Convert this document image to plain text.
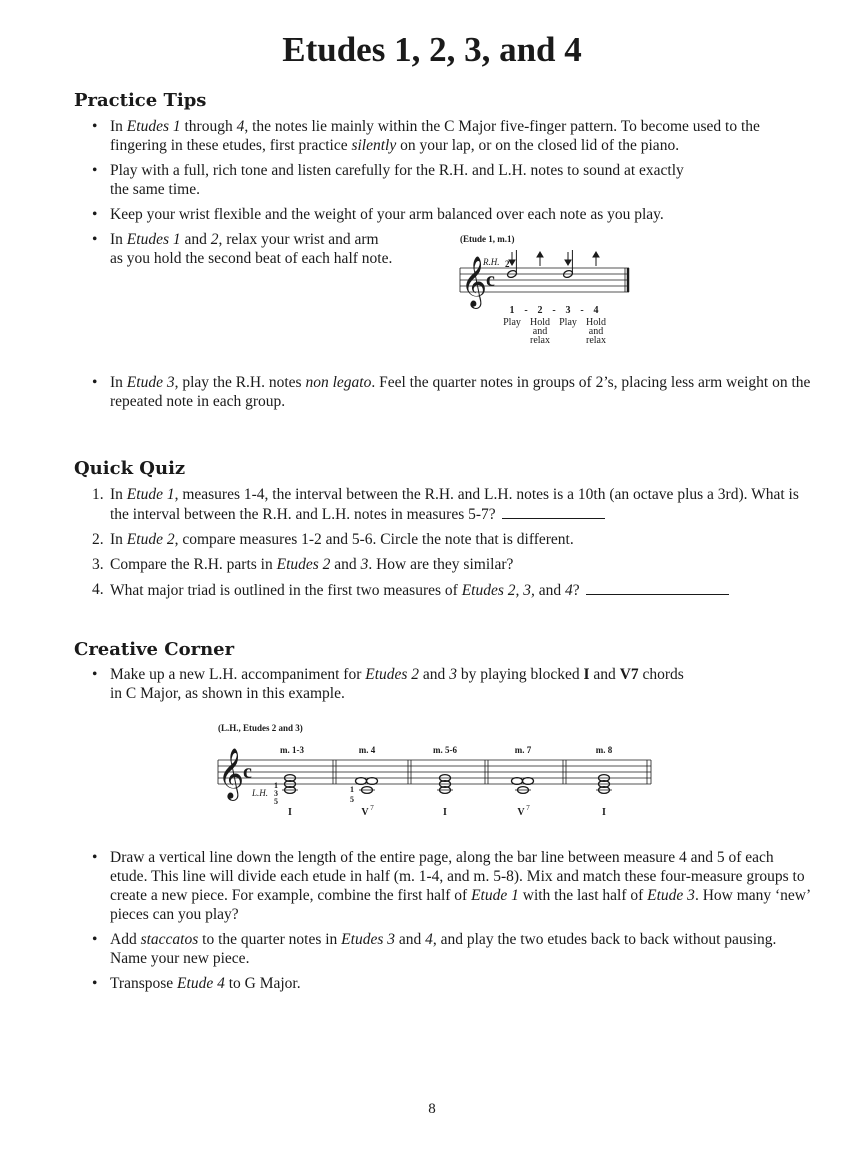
Etudes 1, 2, 3, and 4
Practice Tips
• In Etudes 1 through 4, the notes lie mainly within the C Major five-finger pattern. To become used to the fingering in these etudes, first practice silently on your lap, or on the closed lid of the piano.
• Play with a full, rich tone and listen carefully for the R.H. and L.H. notes to sound at exactly
the same time.
• Keep your wrist flexible and the weight of your arm balanced over each note as you play.
• In Etudes 1 and 2, relax your wrist and arm
as you hold the second beat of each half note.
• In Etude 3, play the R.H. notes non legato. Feel the quarter notes in groups of 2’s, placing less arm weight on the repeated note in each group.
(Etude 1, m.1)
𝄞
c
R.H. 2
1 - 2 - 3 - 4
Play Hold
and
relax
Play Hold
and
relax
Quick Quiz
1. In Etude 1, measures 1-4, the interval between the R.H. and L.H. notes is a 10th (an octave plus a 3rd). What is the interval between the R.H. and L.H. notes in measures 5-7?
2. In Etude 2, compare measures 1-2 and 5-6. Circle the note that is different.
3. Compare the R.H. parts in Etudes 2 and 3. How are they similar?
4. What major triad is outlined in the first two measures of Etudes 2, 3, and 4?
Creative Corner
• Make up a new L.H. accompaniment for Etudes 2 and 3 by playing blocked I and V7 chords
in C Major, as shown in this example.
(L.H., Etudes 2 and 3)
𝄞
c
L.H.
m. 1-3	m. 4	m. 5-6	m. 7	m. 8
1
3
5
1
5
I	V 7	I	V 7	I
• Draw a vertical line down the length of the entire page, along the bar line between measure 4 and 5 of each etude. This line will divide each etude in half (m. 1-4, and m. 5-8). Mix and match these four-measure groups to create a new piece. For example, combine the first half of Etude 1 with the last half of Etude 3. How many ‘new’ pieces can you play?
• Add staccatos to the quarter notes in Etudes 3 and 4, and play the two etudes back to back without pausing. Name your new piece.
• Transpose Etude 4 to G Major.
8
